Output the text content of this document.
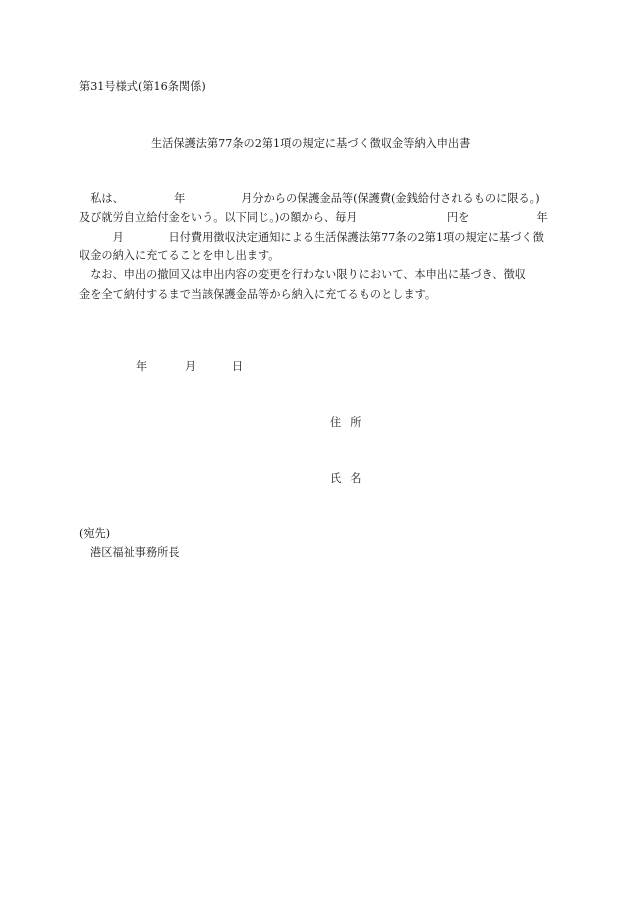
第31号様式(第16条関係)
生活保護法第77条の2第1項の規定に基づく徴収金等納入申出書
　私は、　　　　　年　　　　　月分からの保護金品等(保護費(金銭給付されるものに限る。)
及び就労自立給付金をいう。以下同じ。)の額から、毎月　　　　　　　　円を　　　　　　年
　　　月　　　　日付費用徴収決定通知による生活保護法第77条の2第1項の規定に基づく徴
収金の納入に充てることを申し出ます。
　なお、申出の撤回又は申出内容の変更を行わない限りにおいて、本申出に基づき、徴収
金を全て納付するまで当該保護金品等から納入に充てるものとします。
年	月	日
住所
氏名
(宛先)
港区福祉事務所長
